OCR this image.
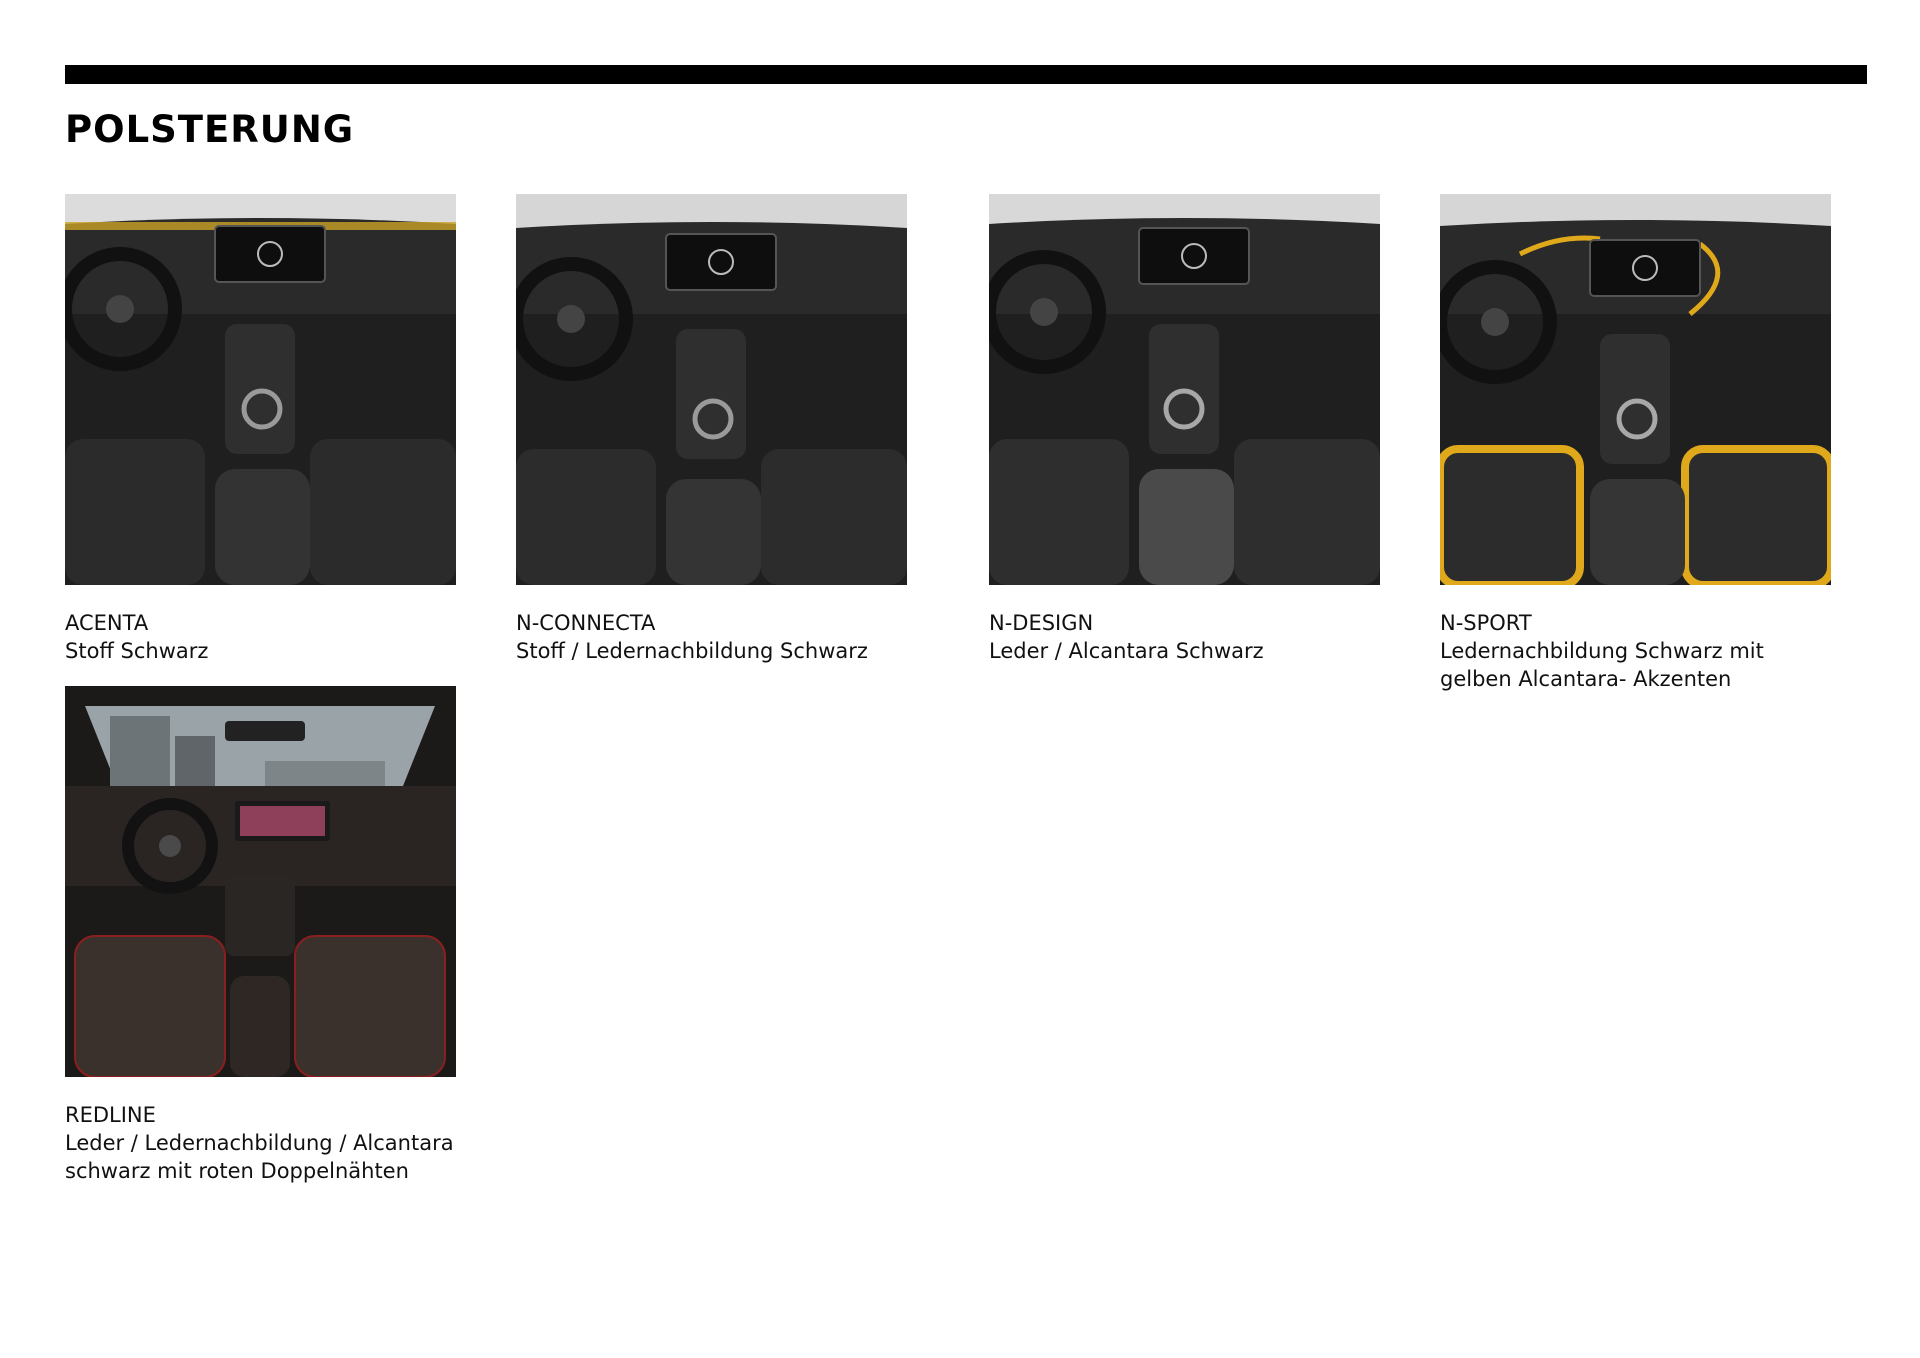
POLSTERUNG
ACENTA
Stoff Schwarz
N-CONNECTA
Stoff / Ledernachbildung Schwarz
N-DESIGN
Leder / Alcantara Schwarz
N-SPORT
Ledernachbildung Schwarz mit gelben Alcantara- Akzenten
REDLINE
Leder / Ledernachbildung / Alcantara schwarz mit roten Doppelnähten
